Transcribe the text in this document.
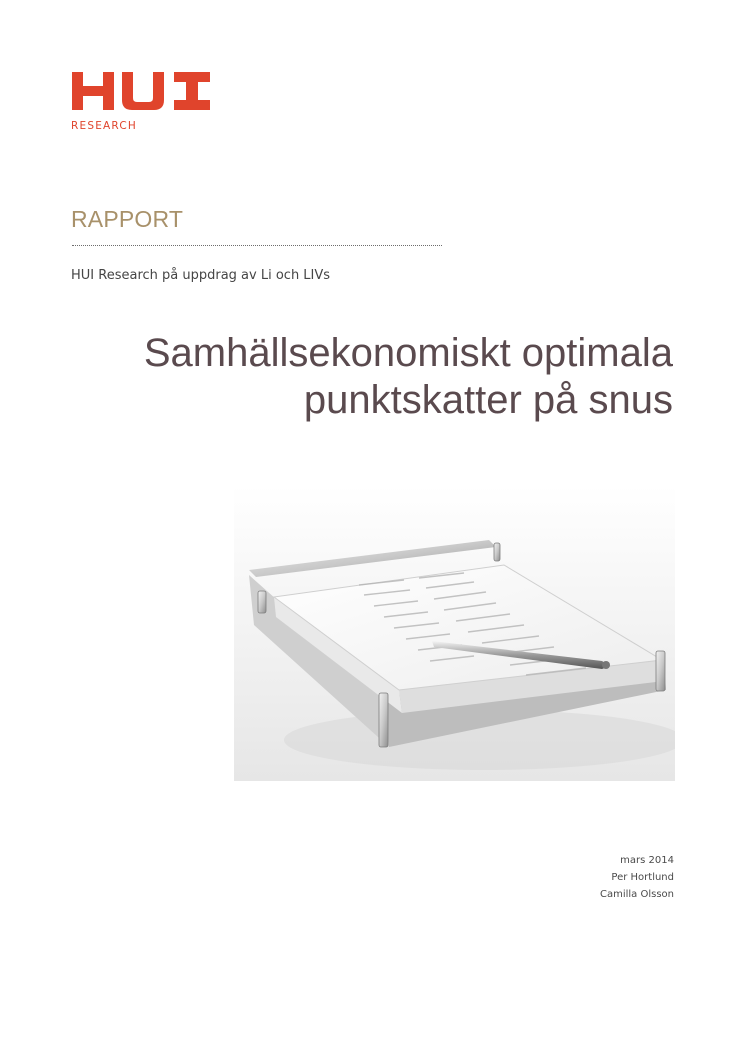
RESEARCH
RAPPORT
HUI Research på uppdrag av Li och LIVs
Samhällsekonomiskt optimala
punktskatter på snus
mars 2014
Per Hortlund
Camilla Olsson
